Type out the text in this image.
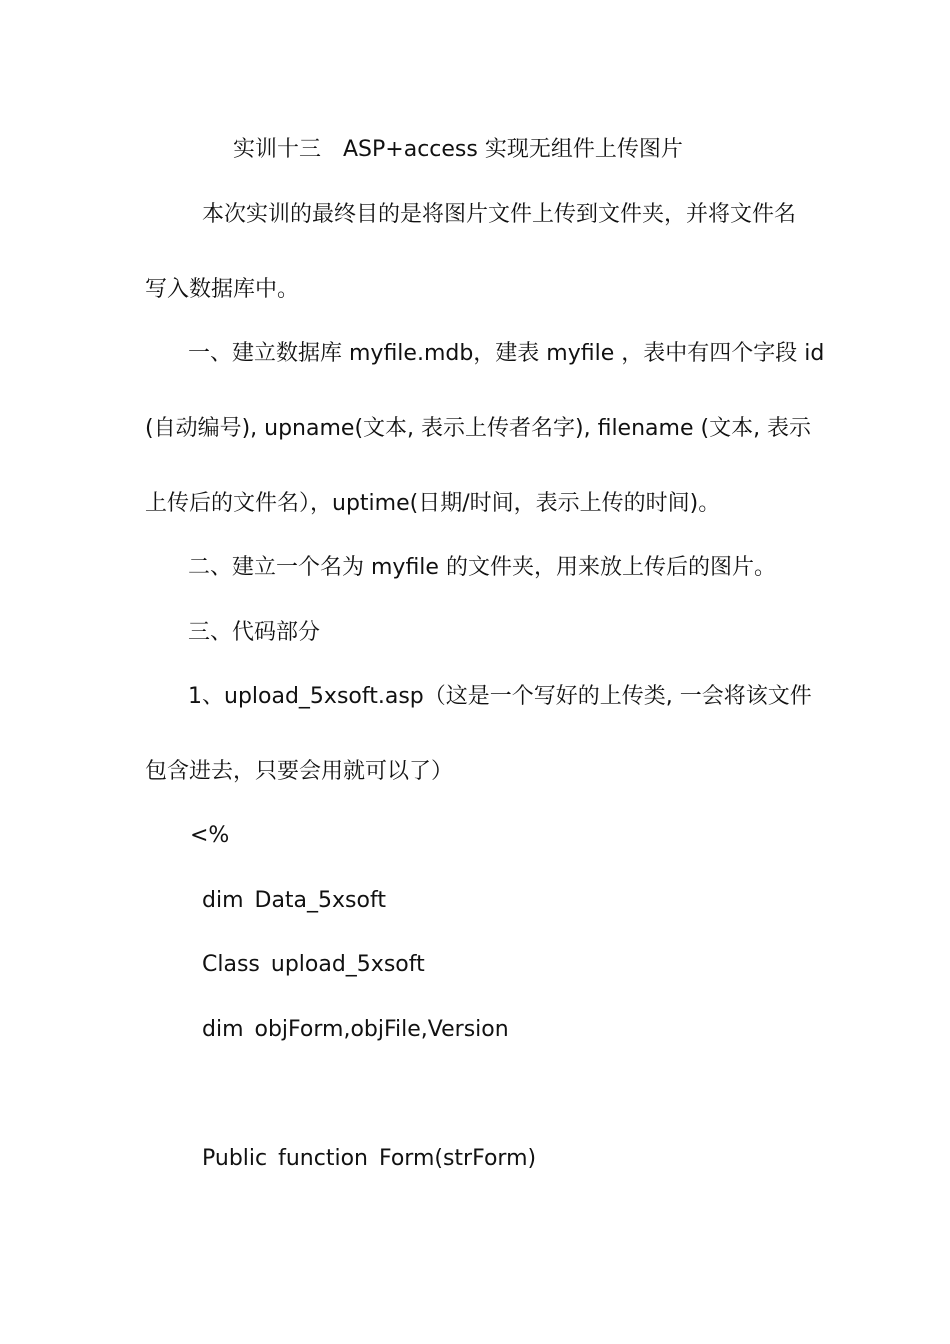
实训十三　ASP+access 实现无组件上传图片
本次实训的最终目的是将图片文件上传到文件夹，并将文件名
写入数据库中。
一、建立数据库 myfile.mdb，建表 myfile ，表中有四个字段 id
(自动编号), upname(文本, 表示上传者名字), filename (文本, 表示
上传后的文件名），uptime(日期/时间，表示上传的时间)。
二、建立一个名为 myfile 的文件夹，用来放上传后的图片。
三、代码部分
1、upload_5xsoft.asp（这是一个写好的上传类, 一会将该文件
包含进去，只要会用就可以了）
<%
dim Data_5xsoft
Class upload_5xsoft
dim objForm,objFile,Version
Public function Form(strForm)
